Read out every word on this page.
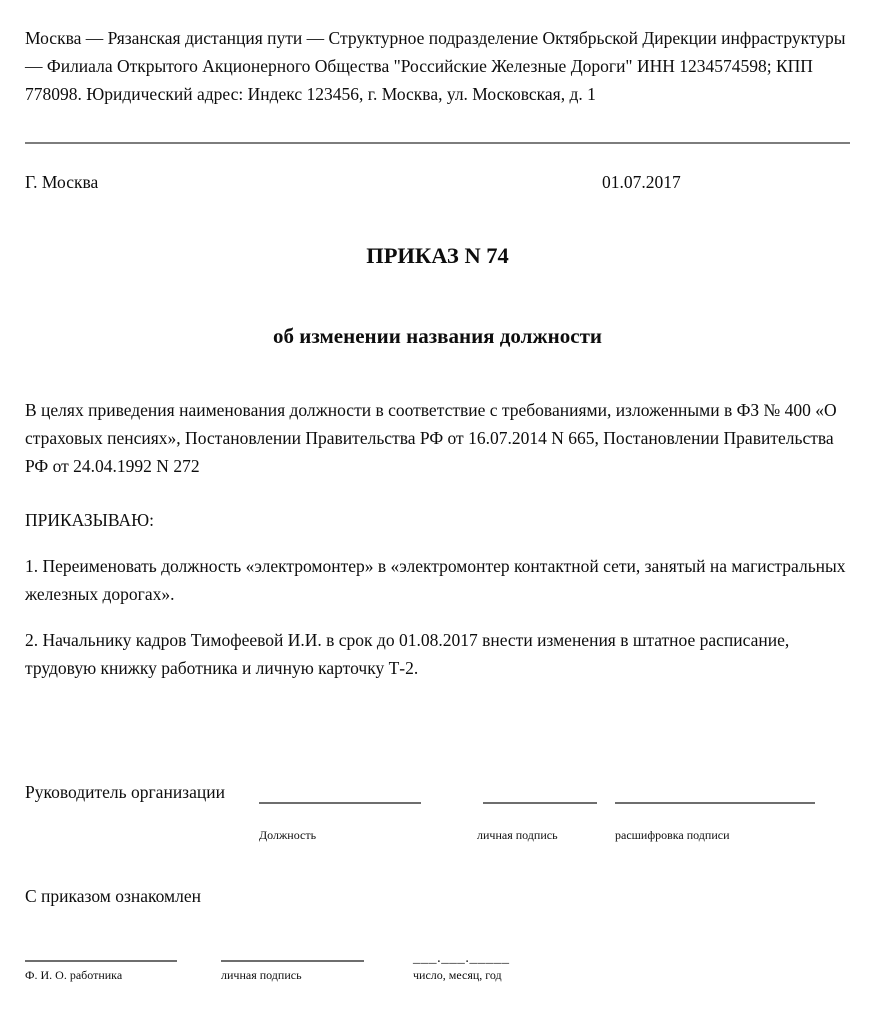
Москва — Рязанская дистанция пути — Структурное подразделение Октябрьской Дирекции инфраструктуры — Филиала Открытого Акционерного Общества "Российские Железные Дороги" ИНН 1234574598; КПП 778098. Юридический адрес: Индекс 123456, г. Москва, ул. Московская, д. 1

Г. Москва	01.07.2017
ПРИКАЗ N 74
об изменении названия должности

В целях приведения наименования должности в соответствие с требованиями, изложенными в ФЗ № 400 «О страховых пенсиях», Постановлении Правительства РФ от 16.07.2014 N 665, Постановлении Правительства РФ от 24.04.1992 N 272

ПРИКАЗЫВАЮ:

1. Переименовать должность «электромонтер» в «электромонтер контактной сети, занятый на магистральных железных дорогах».

2. Начальнику кадров Тимофеевой И.И. в срок до 01.08.2017 внести изменения в штатное расписание, трудовую книжку работника и личную карточку Т-2.

Руководитель организации
Должность	личная подпись	расшифровка подписи

С приказом ознакомлен

___.___._____
Ф. И. О. работника	личная подпись	число, месяц, год
